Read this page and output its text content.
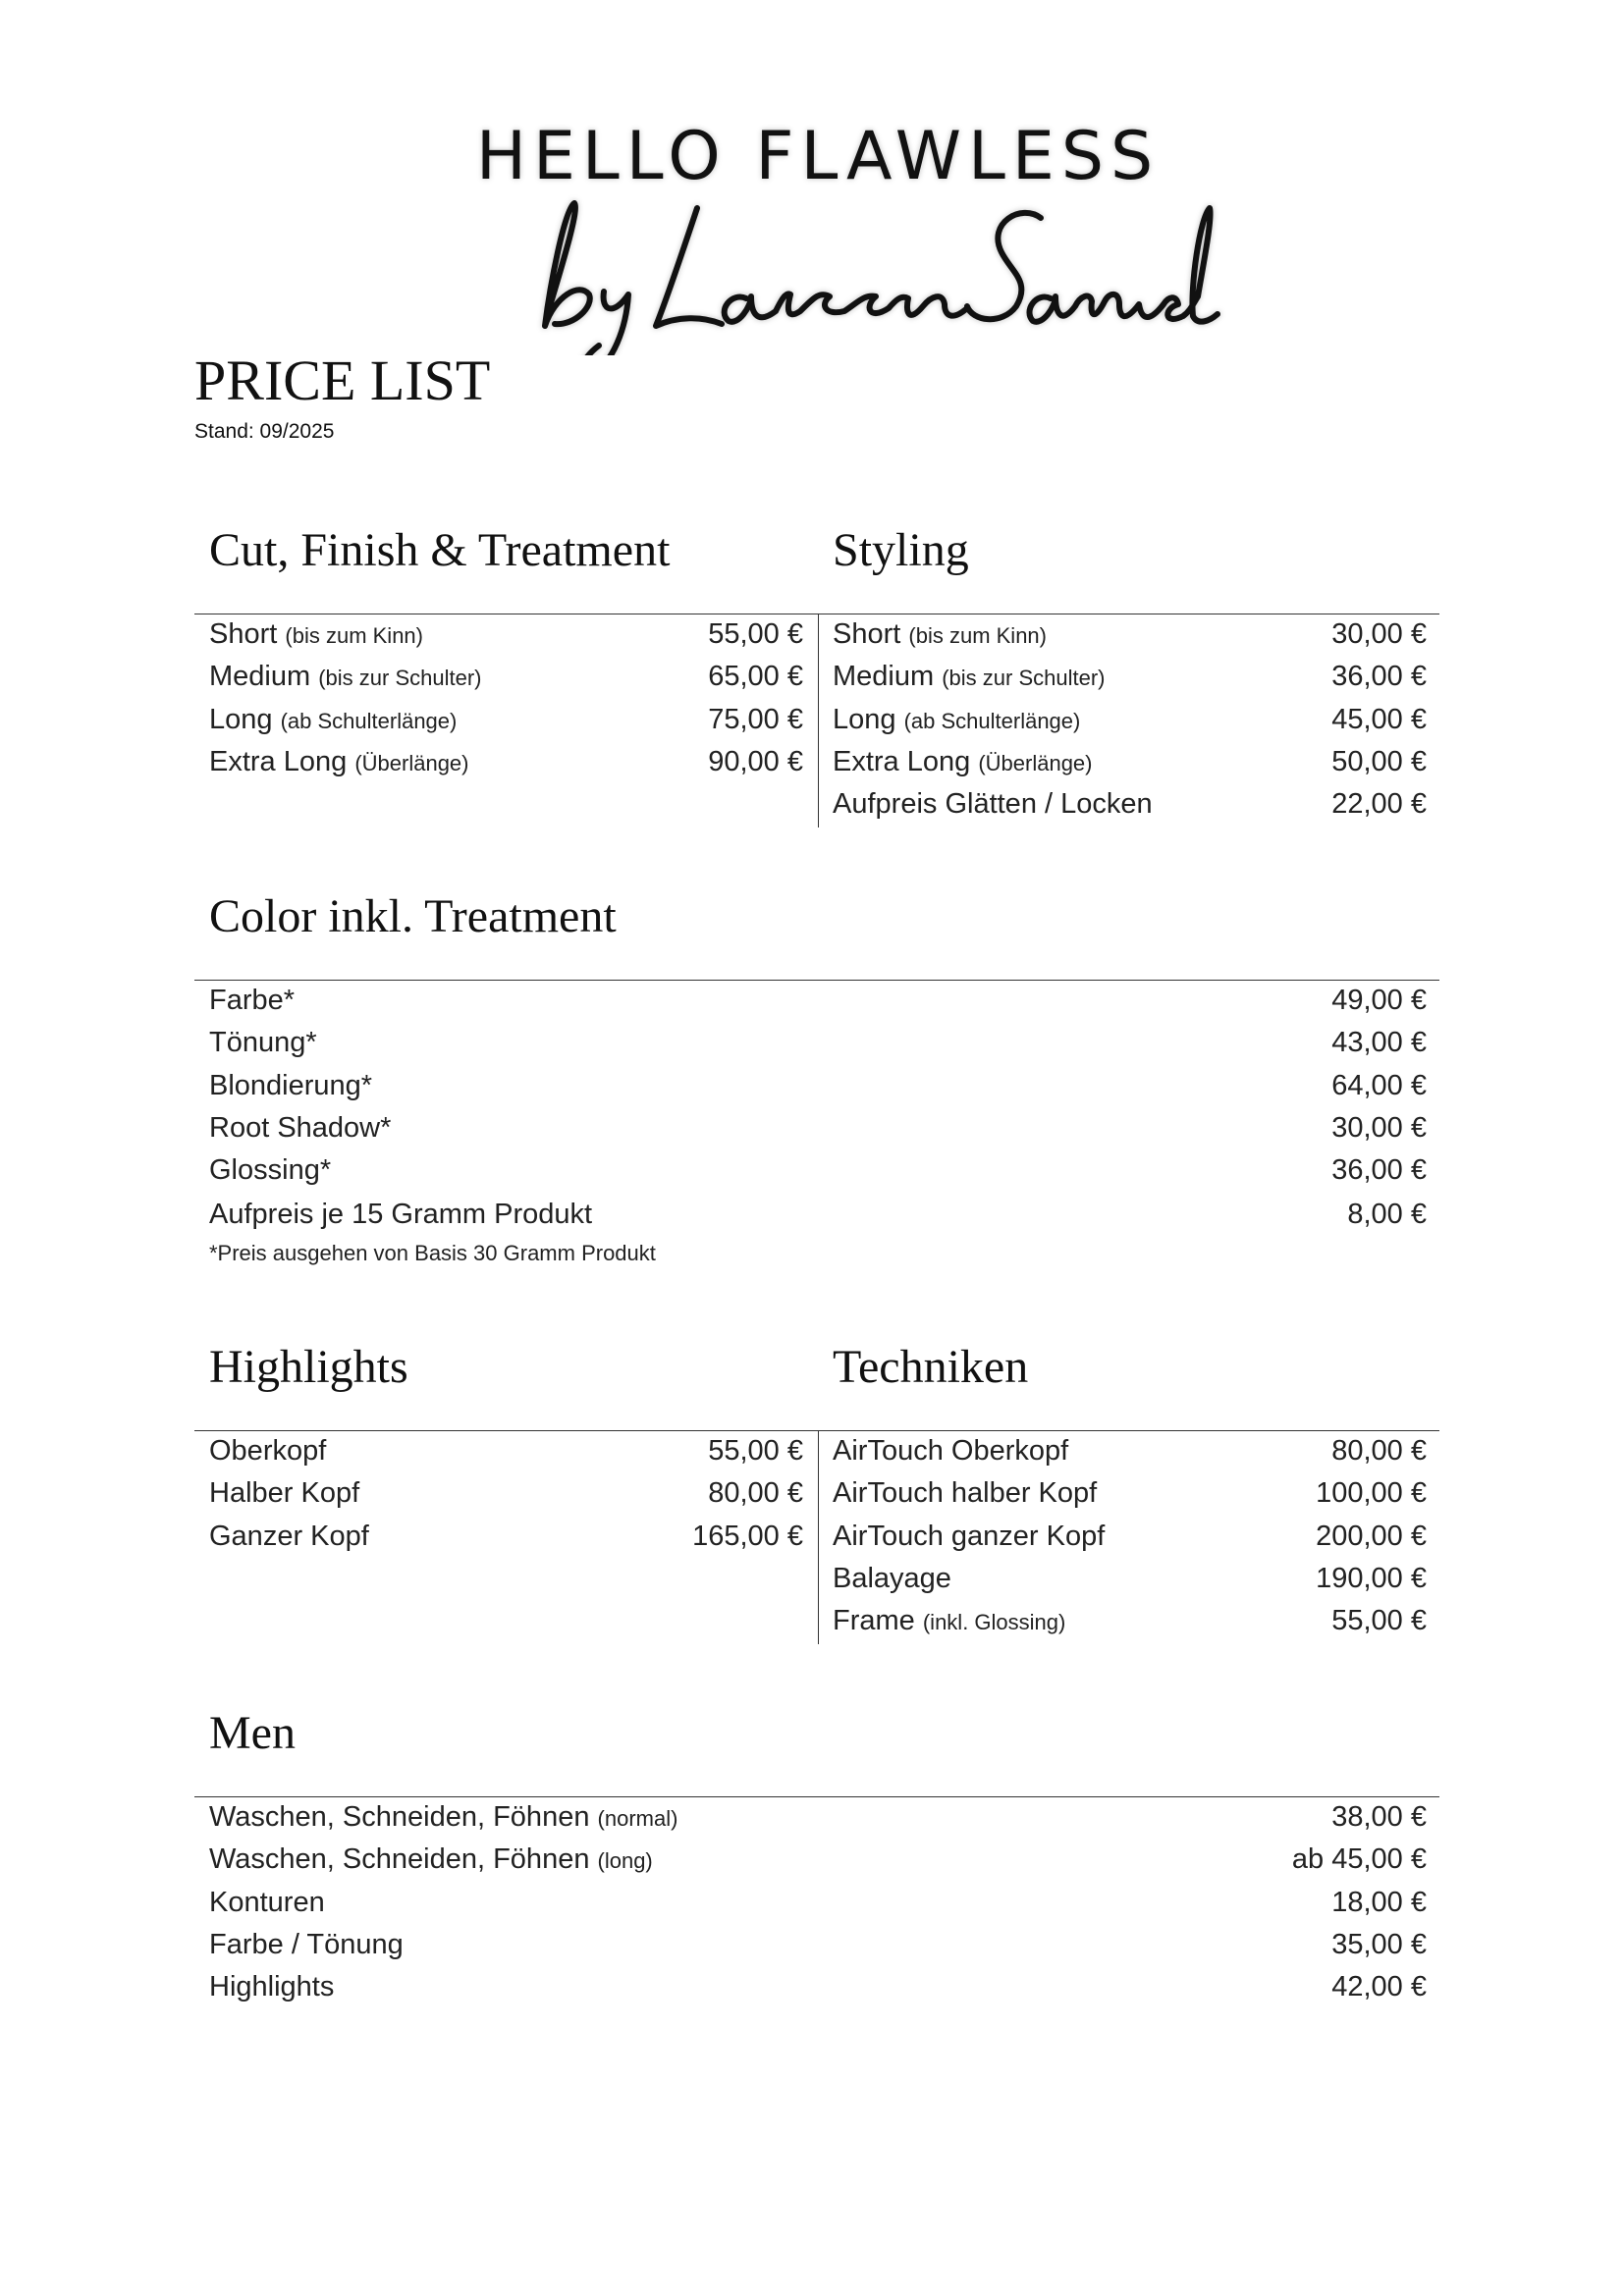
HELLO FLAWLESS
PRICE LIST
Stand: 09/2025
Cut, Finish & Treatment	Styling
Short (bis zum Kinn)	55,00 €
Medium (bis zur Schulter)	65,00 €
Long (ab Schulterlänge)	75,00 €
Extra Long (Überlänge)	90,00 €
Short (bis zum Kinn)	30,00 €
Medium (bis zur Schulter)	36,00 €
Long (ab Schulterlänge)	45,00 €
Extra Long (Überlänge)	50,00 €
Aufpreis Glätten / Locken	22,00 €
Color inkl. Treatment
Farbe*	49,00 €
Tönung*	43,00 €
Blondierung*	64,00 €
Root Shadow*	30,00 €
Glossing*	36,00 €
Aufpreis je 15 Gramm Produkt	8,00 €
*Preis ausgehen von Basis 30 Gramm Produkt
Highlights	Techniken
Oberkopf	55,00 €
Halber Kopf	80,00 €
Ganzer Kopf	165,00 €
AirTouch Oberkopf	80,00 €
AirTouch halber Kopf	100,00 €
AirTouch ganzer Kopf	200,00 €
Balayage	190,00 €
Frame (inkl. Glossing)	55,00 €
Men
Waschen, Schneiden, Föhnen (normal)	38,00 €
Waschen, Schneiden, Föhnen (long)	ab 45,00 €
Konturen	18,00 €
Farbe / Tönung	35,00 €
Highlights	42,00 €
